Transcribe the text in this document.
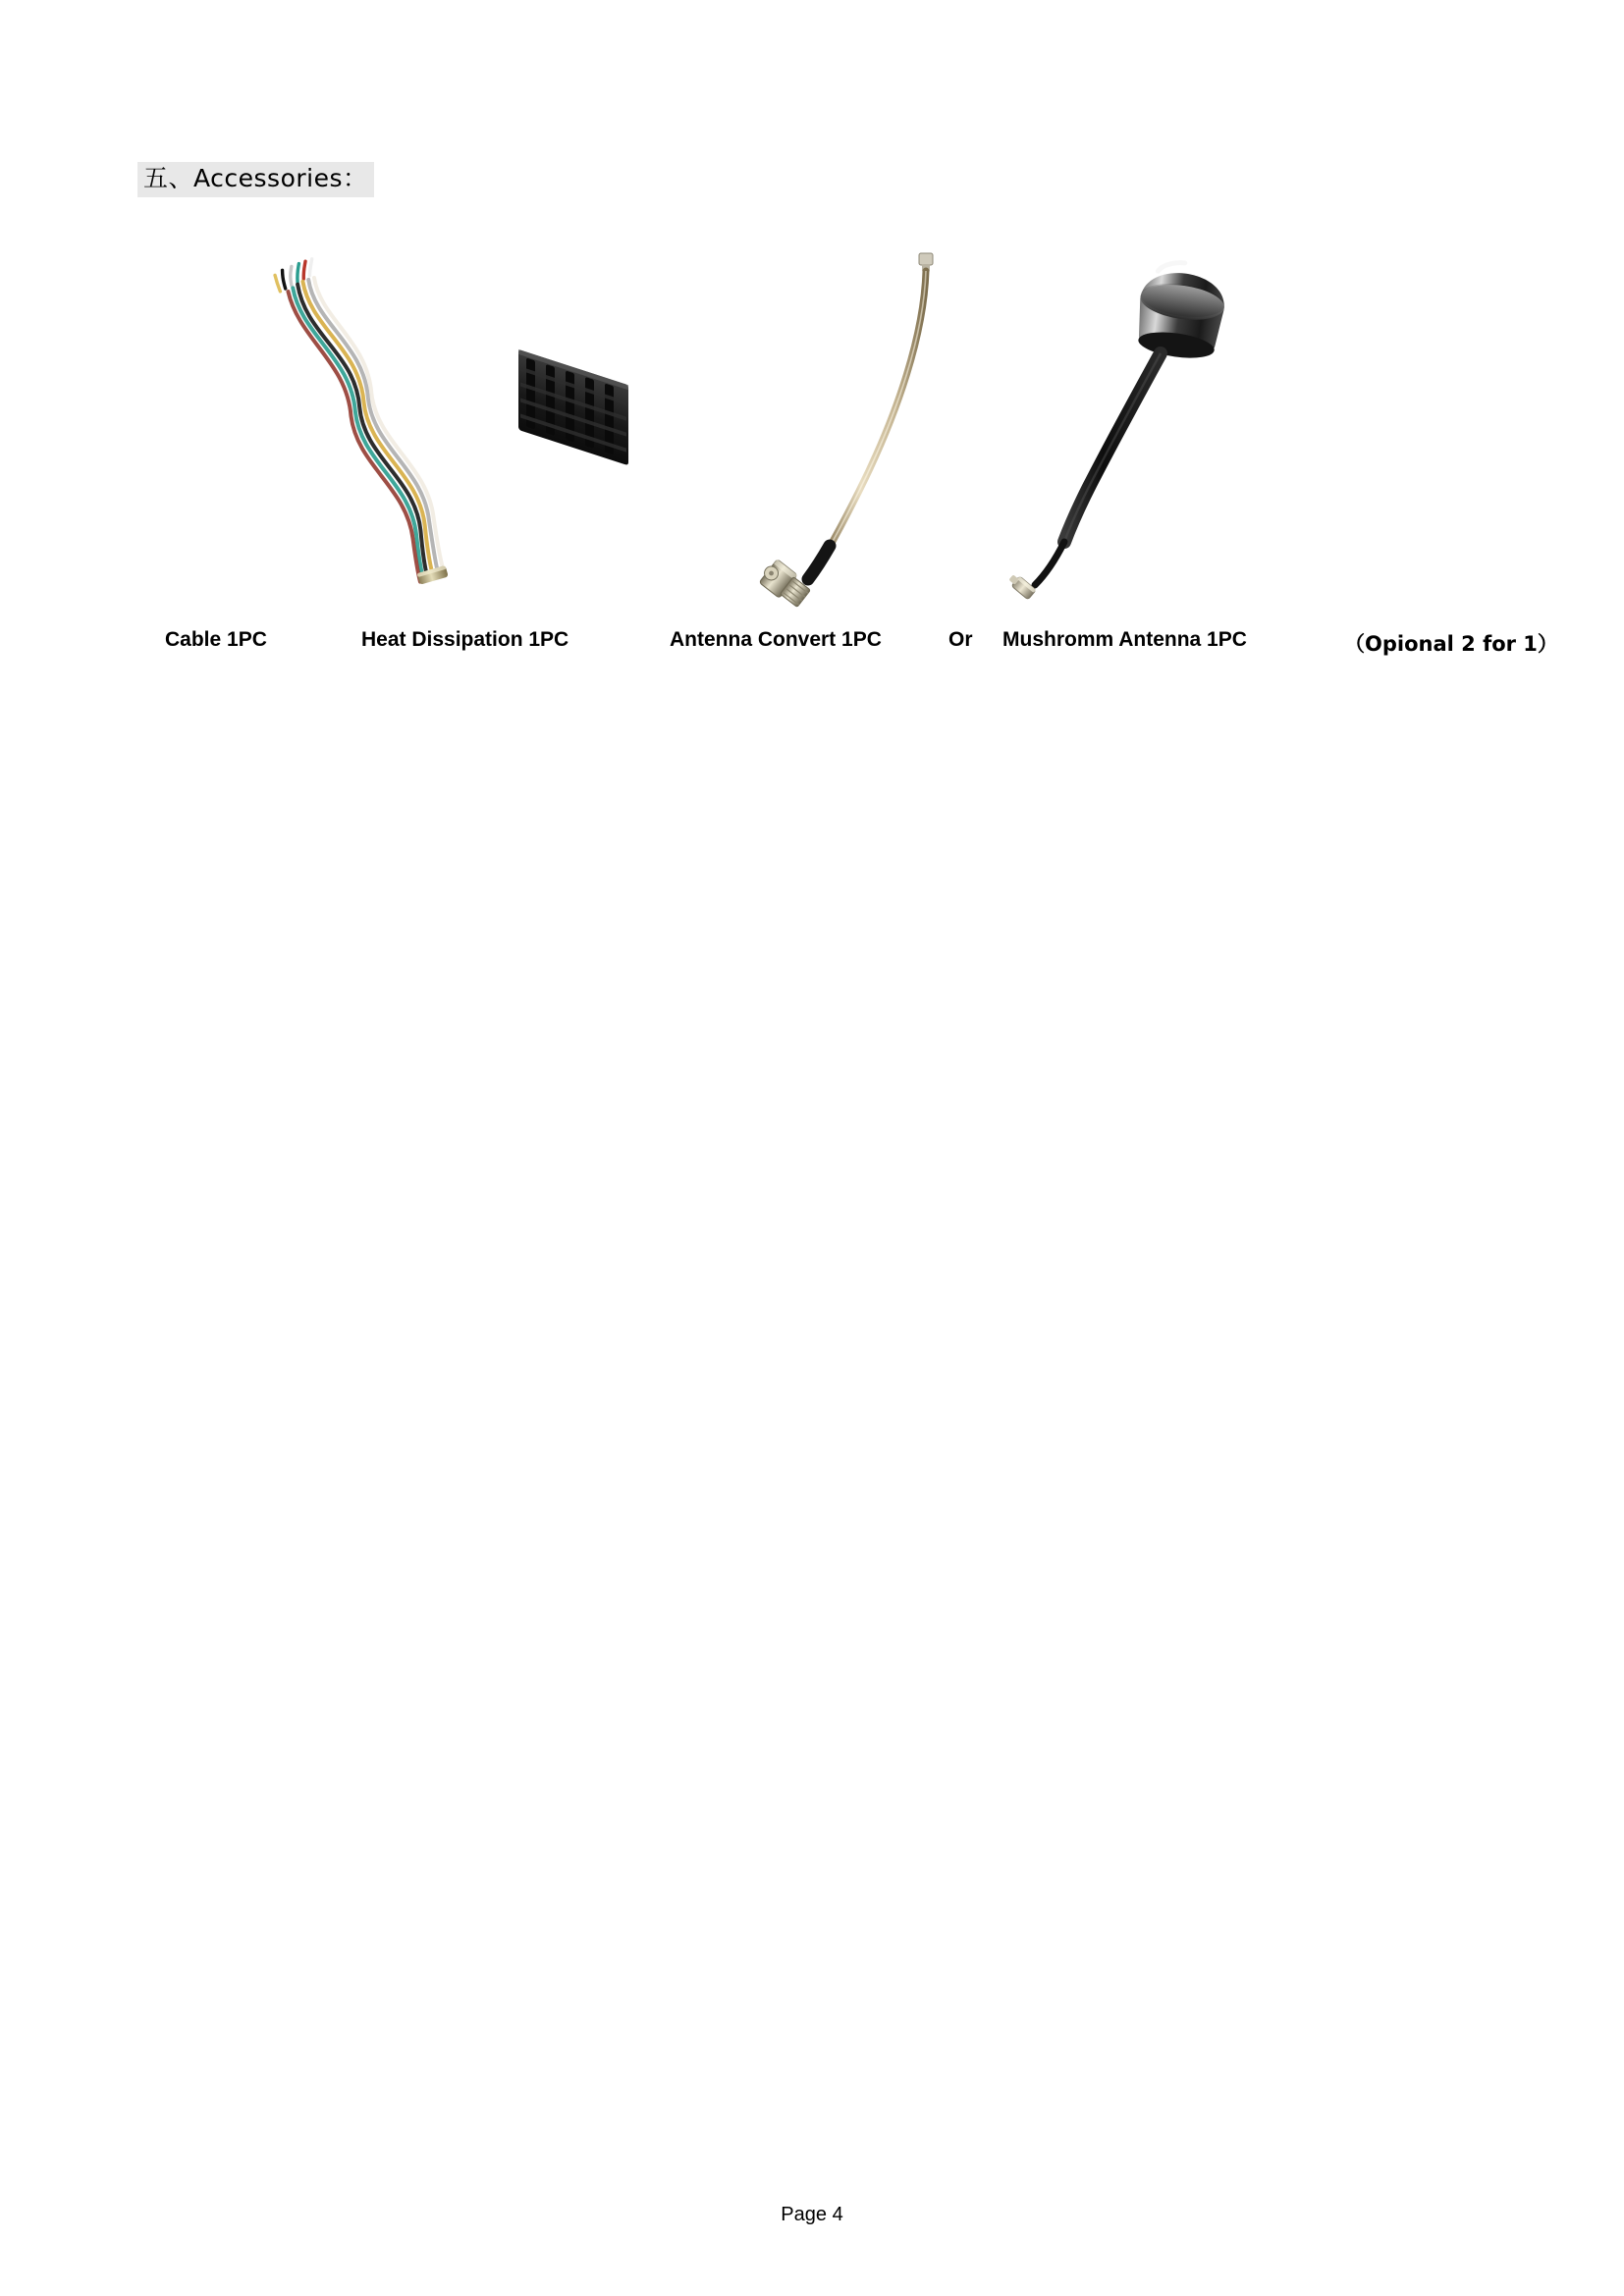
五、Accessories：
Cable 1PC	Heat Dissipation 1PC	Antenna Convert 1PC	Or Mushromm Antenna 1PC	（Opional 2 for 1）
Page 4
